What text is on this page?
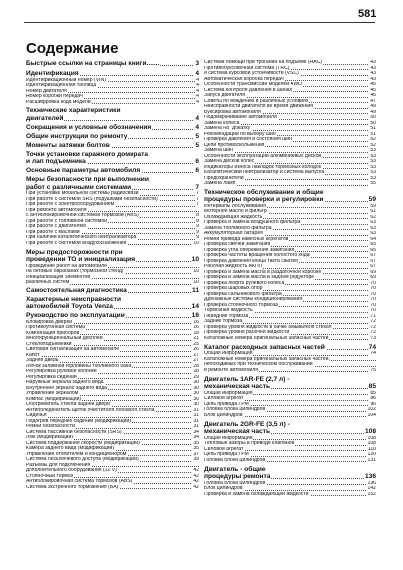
581
Содержание
Быстрые ссылки на страницы книги.......	3
Идентификация	4
Идентификационный номер (VIN)	4
Идентификационная таблица	4
Номер двигателя	4
Номер коробки передач	4
Расшифровка кода модели	4
Технические характеристики
двигателей	4
Сокращения и условные обозначения	4
Общие инструкции по ремонту	5
Моменты затяжки болтов	5
Точки установки гаражного домкрата
и лап подъемника	6
Основные параметры автомобиля	6
Меры безопасности при выполнении
работ с различными системами	7
При установке мобильной системы радиосвязи	7
При работе с системой SRS (подушками безопасности)	7
При работе с электрооборудованием	7
При ремонте автомобиля
с антиблокировочной системой тормозов (ABS)	8
При работе с топливной системой	8
При работе с двигателем	9
При работе с маслами	9
При наличии каталитического нейтрализатора	9
При работе с системой воздухоснабжения	10
Меры предосторожности при
проведении ТО и инициализация	10
Проведение работ на автомобиле
на беговых барабанах (тормозной стенд)	10
Инициализация элементов
различных систем	10
Самостоятельная диагностика	11
Характерные неисправности
автомобилей Toyota Venza	14
Руководство по эксплуатации	16
Блокировка дверей	16
Противоугонная система	16
Комбинация приборов	18
Многофункциональный дисплей	21
Стеклоподъемники	25
Световая сигнализация на автомобиле	26
Капот	27
Задняя дверь	27
Лючок заливной горловины топливного бака	28
Регулировка рулевой колонки	28
Регулировка сидений	29
Наружные зеркала заднего вида	30
Внутреннее зеркало заднего вида	30
Управление зеркалом	30
Компас (модификации)	30
Обогреватель стекла задней двери	30
Антиобледенитель щеток очистителя лобового стекла	31
Сиденья	31
Подогрев передних сидений (модификации)	31
Ремни безопасности	31
Система пассивной безопасности (SRS)	34
Люк (модификации)	34
Система поддержания скорости (модификации)	35
Камера заднего вида (модификации)	35
Управление отопителем и кондиционером	37
Система бесключевого доступа (модификации)	39
Разъемы для подключения
дополнительного оборудования (12 V)	42
Стояночный тормоз	42
Антиблокировочная система тормозов (ABS)	42
Система экстренного торможения (BA)	42
Система помощи при трогании на подъеме (HAC)	43
Противобуксовочная система (TRC)	43
и система курсовой устойчивости (VSC)	43
Автоматическая коробка передач	43
Особенности трансмиссии моделей 4WD	45
Система контроля давления в шинах	45
Запуск двигателя	46
Советы по вождению в различных условиях	47
Неисправности двигателя во время движения	49
Буксировка автомобиля	49
Подомкрачивание автомобиля	50
Замена колеса	50
Замена на "докатку"	51
Рекомендации по выбору шин	51
Проверка давления и состояния шин	52
Цепи противоскольжения	52
Замена шин	53
Особенности эксплуатации алюминиевых дисков	53
Замена дисков колес	53
Индикаторы износа накладок тормозных колодок	53
Каталитический нейтрализатор и система выпуска	53
Предохранители	53
Замена ламп	55
Техническое обслуживание и общие
процедуры проверки и регулировки	59
Интервалы обслуживания	59
Моторное масло и фильтр	61
Охлаждающая жидкость	62
Проверка и замена воздушного фильтра	63
Замена топливного фильтра	63
Аккумуляторная батарея	63
Ремни привода навесных агрегатов	64
Проверка свечей зажигания	65
Проверка угла опережения зажигания	65
Проверка частоты вращения холостого хода	67
Проверка давления конца такта сжатия	67
Рабочая жидкость АКПП	67
Проверка и замена масла в раздаточной коробке	69
Проверка и замена масла в заднем редукторе	69
Проверка люфта рулевого колеса	70
Проверка шаровых опор	70
Проверка сальникового фильтра	70
Дренажные системы кондиционирования	70
Проверка стояночного тормоза	70
Тормозная жидкость	70
Передние тормоза	71
Задние тормоза	72
Проверка уровня жидкости в бачке омывателя стекол	72
Проверка уровня рабочей жидкости	72
Каталожные номера оригинальных запасных частей	73
Каталог расходных запасных частей	74
Общая информация	74
Каталожные номера оригинальных запасных частей,
необходимых при техническом обслуживании
и ремонте автомобиля	75
Двигатель 1AR-FE (2,7 л) -
механическая часть	85
Общая информация	85
Силовой агрегат	86
Цепь привода ГРМ	96
Головка блока цилиндров	102
Блок цилиндров	104
Двигатель 2GR-FE (3,5 л) -
механическая часть	108
Общая информация	108
Тепловые зазоры в приводе клапанов	108
Силовой агрегат	110
Цепь привода ГРМ	120
Головка блока цилиндров	131
Двигатель - общие
процедуры ремонта	136
Головка блока цилиндров	136
Блок цилиндров	142
Проверка и замена охлаждающей жидкости	152
